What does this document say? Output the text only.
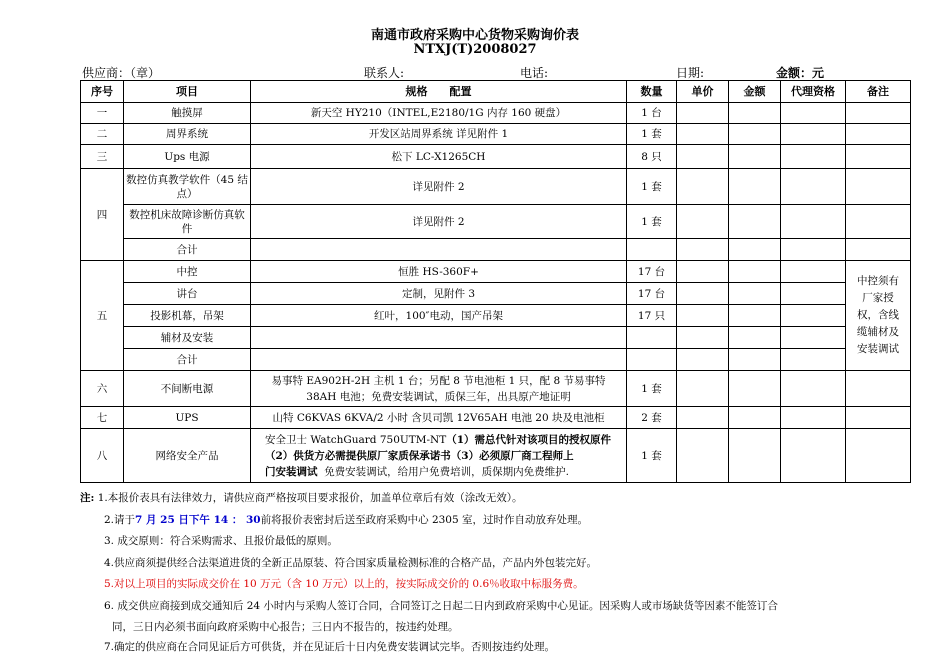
南通市政府采购中心货物采购询价表
NTXJ(T)2008027
供应商：（章）	联系人:	电话:	日期:	金额：元
序号	项目	规格　　配置	数量	单价	金额	代理资格	备注
一	触摸屏	新天空 HY210（INTEL,E2180/1G 内存 160 硬盘）	1 台				
二	周界系统	开发区站周界系统 详见附件 1	1 套				
三	Ups 电源	松下 LC-X1265CH	8 只				
四	数控仿真教学软件（45 结点）	详见附件 2	1 套				
	数控机床故障诊断仿真软件	详见附件 2	1 套				
	合计						
五	中控	恒胜 HS-360F+	17 台				中控须有厂家授权，含线缆辅材及安装调试
	讲台	定制，见附件 3	17 台				
	投影机幕，吊架	红叶，100″电动，国产吊架	17 只				
	辅材及安装						
	合计						
六	不间断电源	易事特 EA902H-2H 主机 1 台；另配 8 节电池柜 1 只，配 8 节易事特
38AH 电池；免费安装调试，质保三年，出具原产地证明	1 套				
七	UPS	山特 C6KVAS 6KVA/2 小时 含贝司凯 12V65AH 电池 20 块及电池柜	2 套				
八	网络安全产品	安全卫士 WatchGuard 750UTM-NT（1）需总代针对该项目的授权原件
（2）供货方必需提供原厂家质保承诺书（3）必须原厂商工程师上
门安装调试 免费安装调试，给用户免费培训，质保期内免费维护.	1 套				
注: 1.本报价表具有法律效力，请供应商严格按项目要求报价，加盖单位章后有效（涂改无效）。
2.请于7 月 25 日下午 14 ： 30前将报价表密封后送至政府采购中心 2305 室，过时作自动放弃处理。
3. 成交原则：符合采购需求、且报价最低的原则。
4.供应商须提供经合法渠道进货的全新正品原装、符合国家质量检测标准的合格产品，产品内外包装完好。
5.对以上项目的实际成交价在 10 万元（含 10 万元）以上的，按实际成交价的 0.6％收取中标服务费。
6. 成交供应商接到成交通知后 24 小时内与采购人签订合同，合同签订之日起二日内到政府采购中心见证。因采购人或市场缺货等因素不能签订合
同，三日内必须书面向政府采购中心报告；三日内不报告的，按违约处理。
7.确定的供应商在合同见证后方可供货，并在见证后十日内免费安装调试完毕。否则按违约处理。
